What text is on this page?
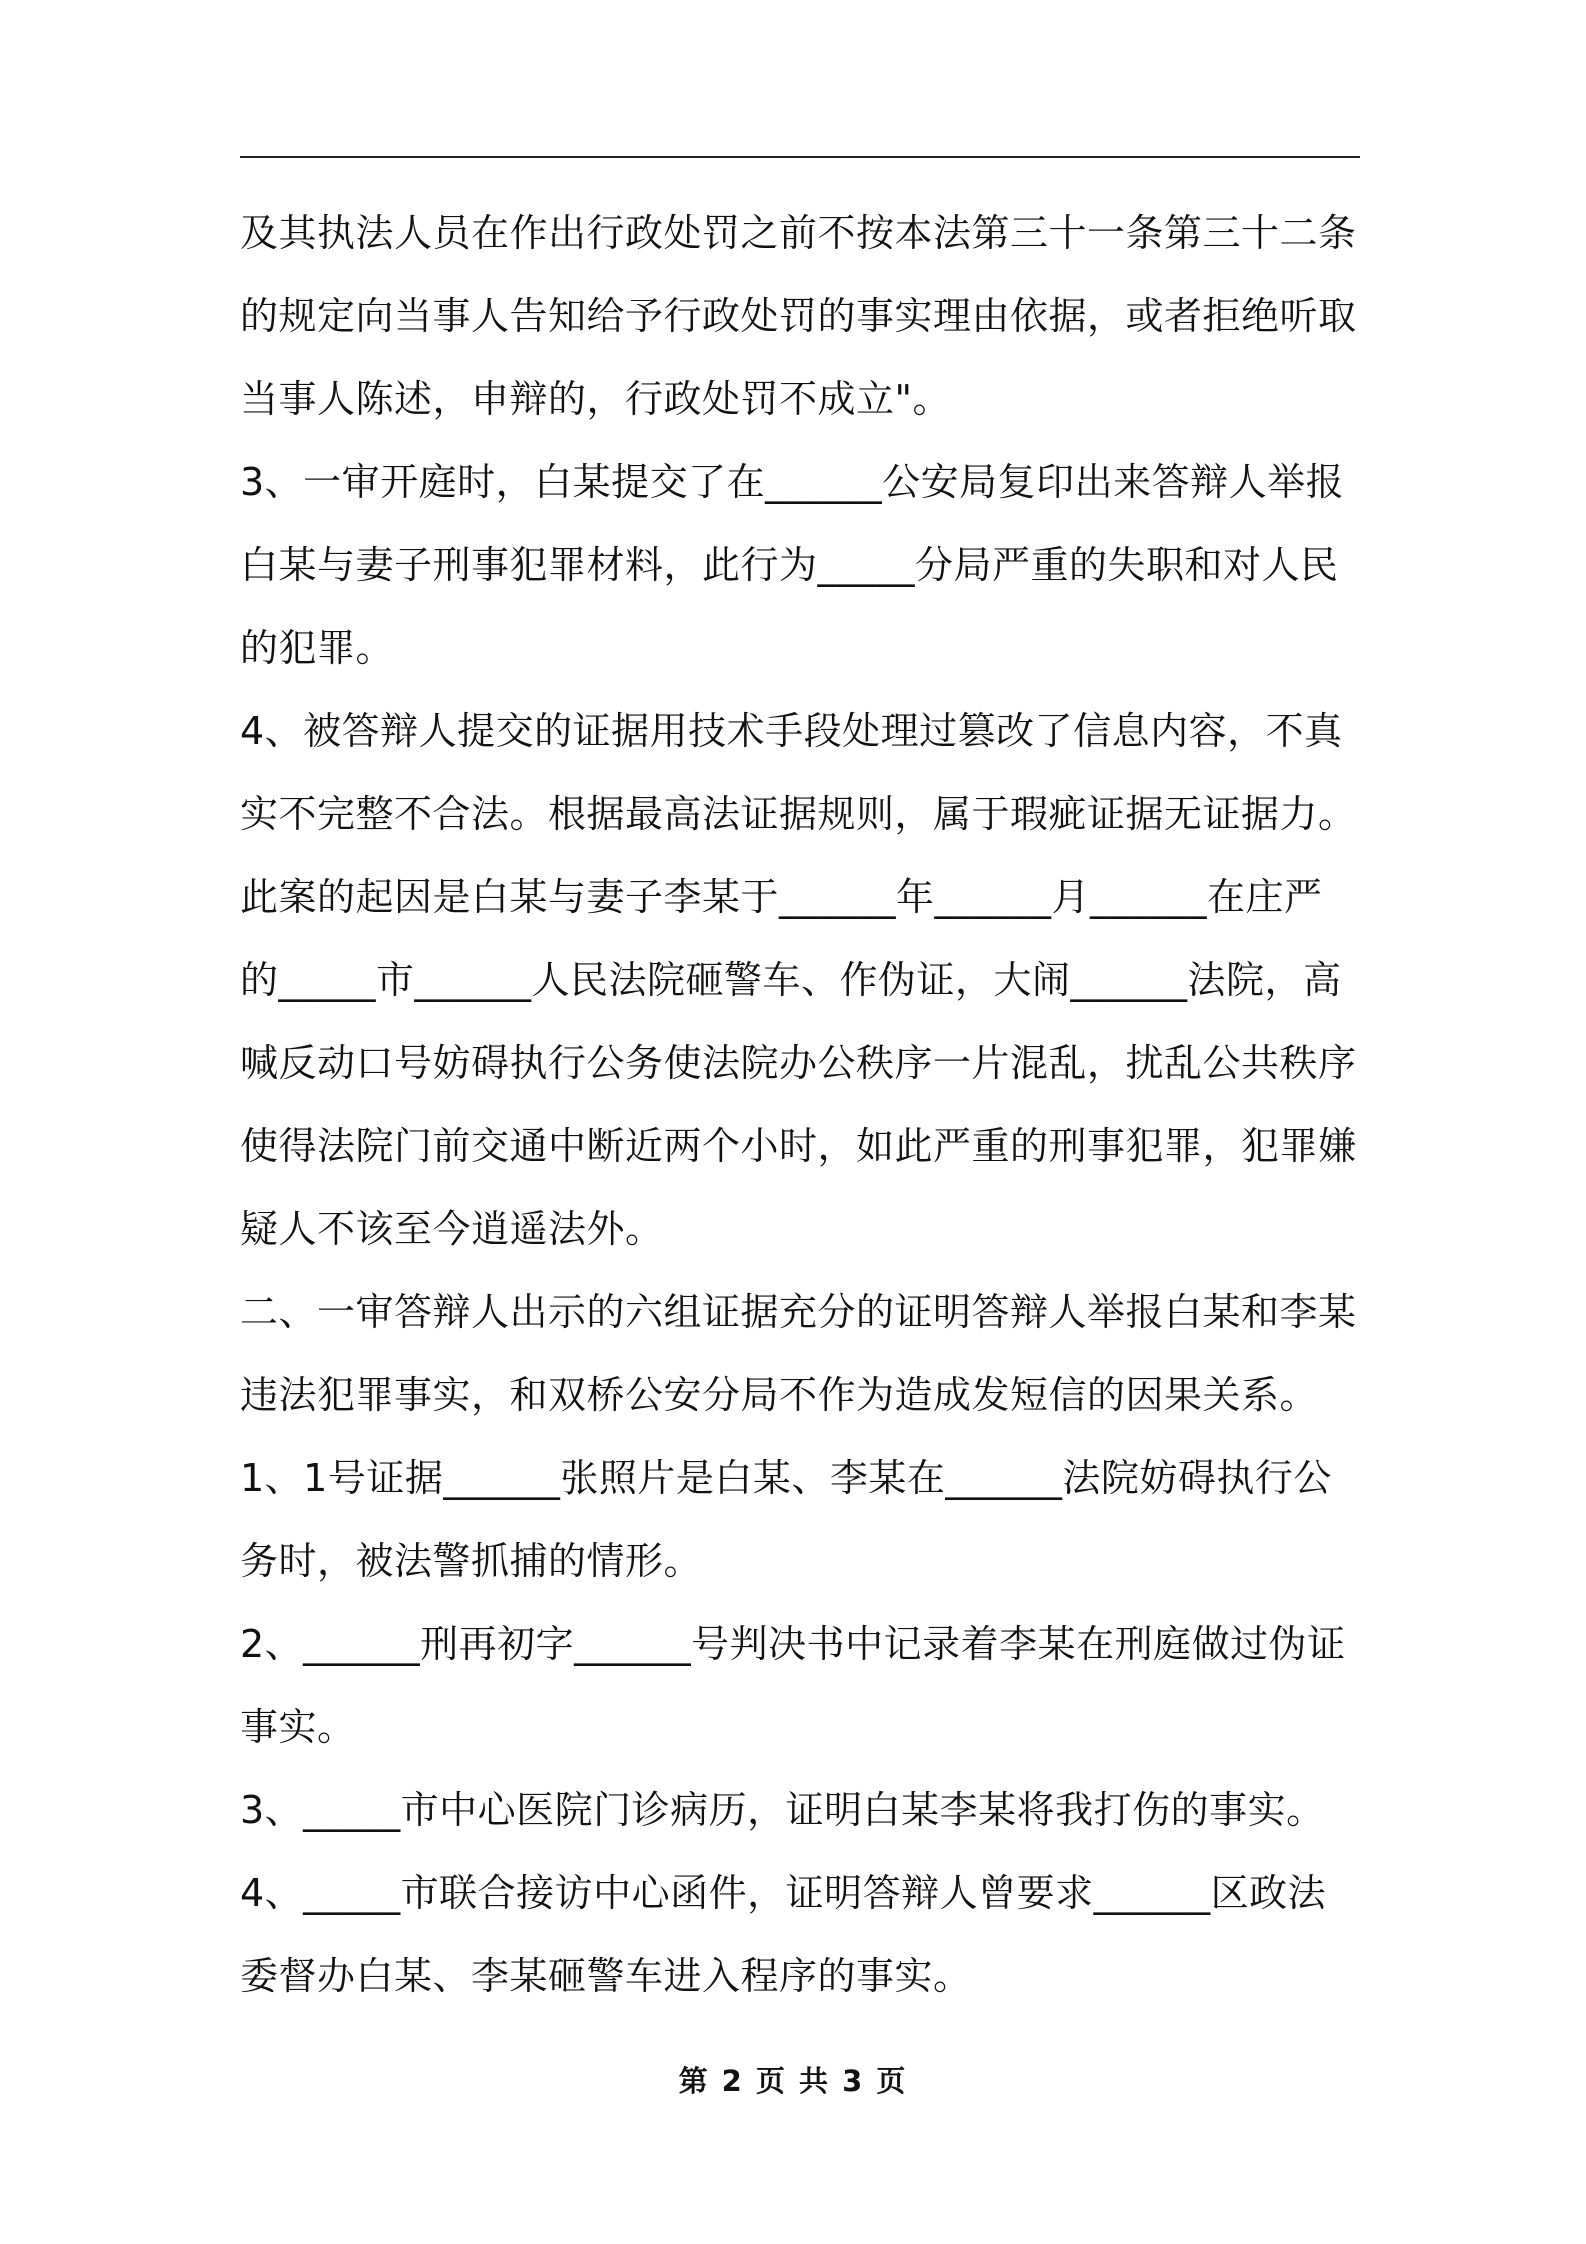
及其执法人员在作出行政处罚之前不按本法第三十一条第三十二条的规定向当事人告知给予行政处罚的事实理由依据，或者拒绝听取当事人陈述，申辩的，行政处罚不成立"。

3、一审开庭时，白某提交了在______公安局复印出来答辩人举报白某与妻子刑事犯罪材料，此行为_____分局严重的失职和对人民的犯罪。

4、被答辩人提交的证据用技术手段处理过篡改了信息内容，不真实不完整不合法。根据最高法证据规则，属于瑕疵证据无证据力。

此案的起因是白某与妻子李某于______年______月______在庄严的_____市______人民法院砸警车、作伪证，大闹______法院，高喊反动口号妨碍执行公务使法院办公秩序一片混乱，扰乱公共秩序使得法院门前交通中断近两个小时，如此严重的刑事犯罪，犯罪嫌疑人不该至今逍遥法外。

二、一审答辩人出示的六组证据充分的证明答辩人举报白某和李某违法犯罪事实，和双桥公安分局不作为造成发短信的因果关系。

1、1号证据______张照片是白某、李某在______法院妨碍执行公务时，被法警抓捕的情形。

2、______刑再初字______号判决书中记录着李某在刑庭做过伪证事实。

3、_____市中心医院门诊病历，证明白某李某将我打伤的事实。

4、_____市联合接访中心函件，证明答辩人曾要求______区政法委督办白某、李某砸警车进入程序的事实。

第 2 页 共 3 页
